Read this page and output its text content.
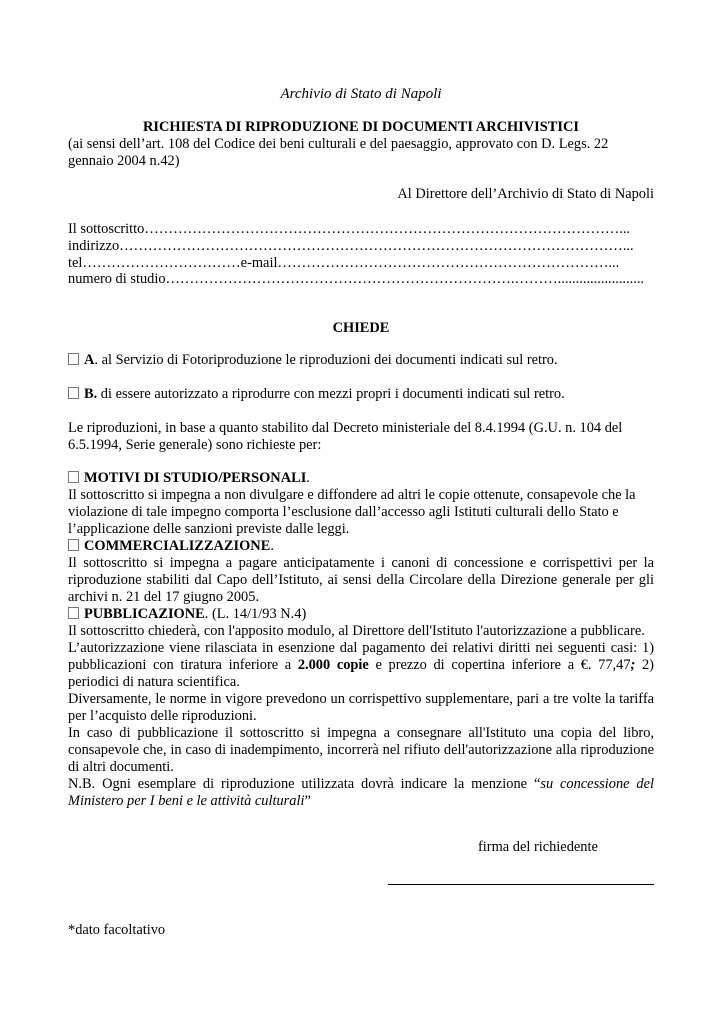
Archivio di Stato di Napoli
RICHIESTA DI RIPRODUZIONE DI DOCUMENTI ARCHIVISTICI
(ai sensi dell’art. 108 del Codice dei beni culturali e del paesaggio, approvato con D. Legs. 22 gennaio 2004 n.42)
Al Direttore dell’Archivio di Stato di Napoli
Il sottoscritto………………………………………………………………………………………...
indirizzo……………………………………………………………………………………………...
tel……………………………e-mail……………………………………………………………...
numero di studio……………………………………………………………….………........................
CHIEDE
A. al Servizio di Fotoriproduzione le riproduzioni dei documenti indicati sul retro.
B. di essere autorizzato a riprodurre con mezzi propri i documenti indicati sul retro.
Le riproduzioni, in base a quanto stabilito dal Decreto ministeriale del 8.4.1994 (G.U. n. 104 del 6.5.1994, Serie generale) sono richieste per:

MOTIVI DI STUDIO/PERSONALI.

Il sottoscritto si impegna a non divulgare e diffondere ad altri le copie ottenute, consapevole che la violazione di tale impegno comporta l’esclusione dall’accesso agli Istituti culturali dello Stato e l’applicazione delle sanzioni previste dalle leggi.

COMMERCIALIZZAZIONE.

Il sottoscritto si impegna a pagare anticipatamente i canoni di concessione e corrispettivi per la riproduzione stabiliti dal Capo dell’Istituto, ai sensi della Circolare della Direzione generale per gli archivi n. 21 del 17 giugno 2005.

PUBBLICAZIONE. (L. 14/1/93 N.4)

Il sottoscritto chiederà, con l'apposito modulo, al Direttore dell'Istituto l'autorizzazione a pubblicare.

L’autorizzazione viene rilasciata in esenzione dal pagamento dei relativi diritti nei seguenti casi: 1) pubblicazioni con tiratura inferiore a 2.000 copie e prezzo di copertina inferiore a €. 77,47; 2) periodici di natura scientifica.

Diversamente, le norme in vigore prevedono un corrispettivo supplementare, pari a tre volte la tariffa per l’acquisto delle riproduzioni.

In caso di pubblicazione il sottoscritto si impegna a consegnare all'Istituto una copia del libro, consapevole che, in caso di inadempimento, incorrerà nel rifiuto dell'autorizzazione alla riproduzione di altri documenti.

N.B. Ogni esemplare di riproduzione utilizzata dovrà indicare la menzione “su concessione del Ministero per I beni e le attività culturali”

firma del richiedente
*dato facoltativo
